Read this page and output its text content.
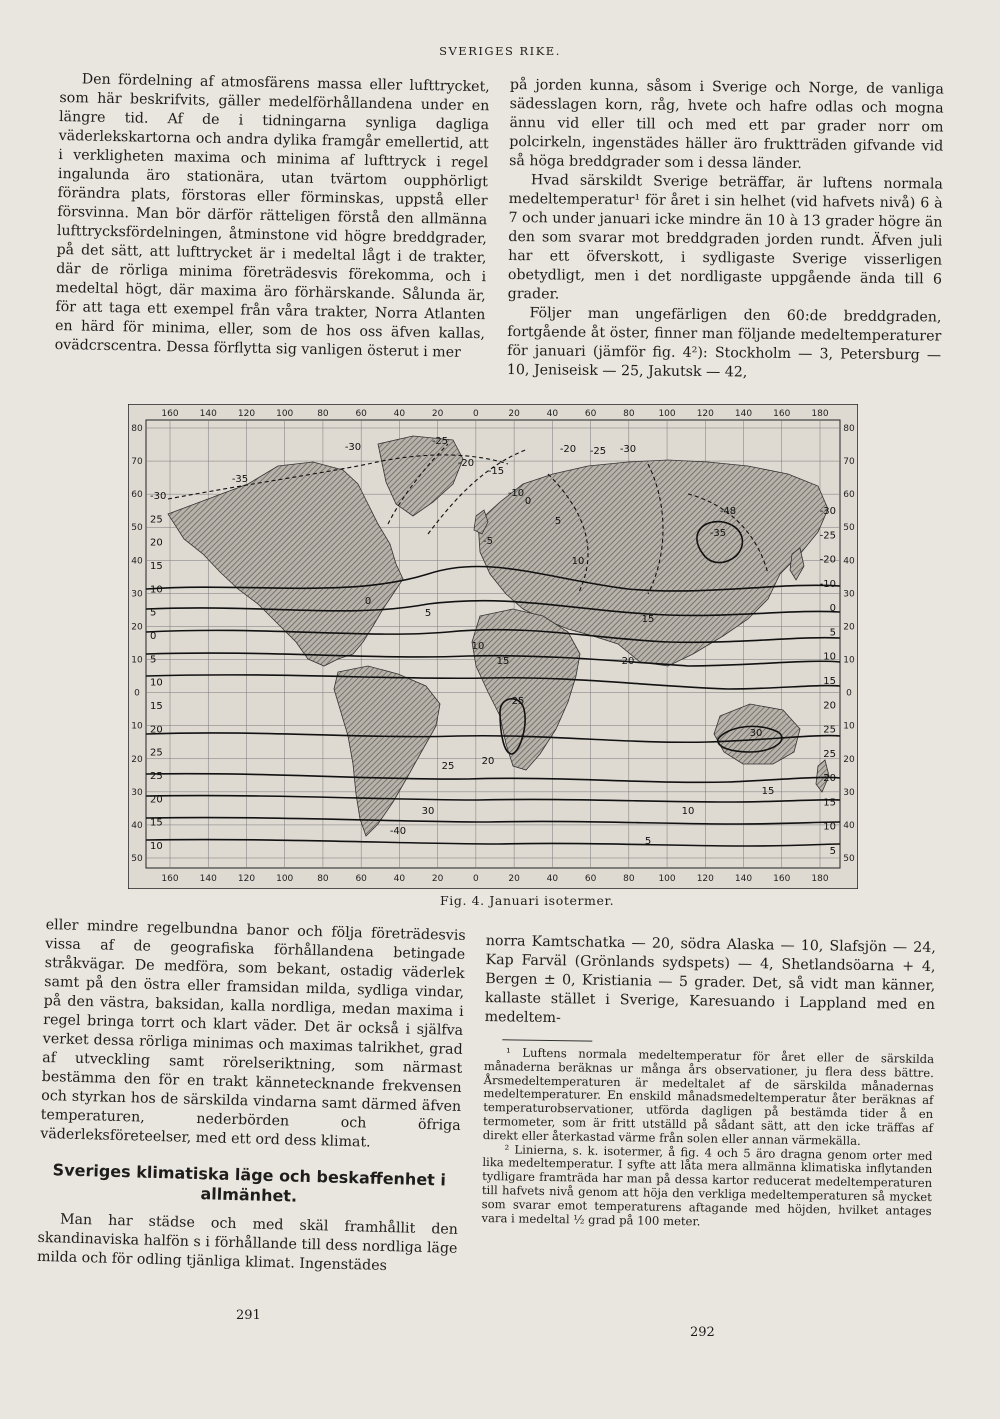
SVERIGES RIKE.

Den fördelning af atmosfärens massa eller lufttrycket, som här beskrifvits, gäller medelförhållandena under en längre tid. Af de i tidningarna synliga dagliga väderlekskartorna och andra dylika framgår emellertid, att i verkligheten maxima och minima af lufttryck i regel ingalunda äro stationära, utan tvärtom oupphörligt förändra plats, förstoras eller förminskas, uppstå eller försvinna. Man bör därför rätteligen förstå den allmänna lufttrycksfördelningen, åtminstone vid högre breddgrader, på det sätt, att lufttrycket är i medeltal lågt i de trakter, där de rörliga minima företrädesvis förekomma, och i medeltal högt, där maxima äro förhärskande. Sålunda är, för att taga ett exempel från våra trakter, Norra Atlanten en härd för minima, eller, som de hos oss äfven kallas, ovädcrscentra. Dessa förflytta sig vanligen österut i mer

på jorden kunna, såsom i Sverige och Norge, de vanliga sädesslagen korn, råg, hvete och hafre odlas och mogna ännu vid eller till och med ett par grader norr om polcirkeln, ingenstädes häller äro fruktträden gifvande vid så höga breddgrader som i dessa länder.

Hvad särskildt Sverige beträffar, är luftens normala medeltemperatur¹ för året i sin helhet (vid hafvets nivå) 6 à 7 och under januari icke mindre än 10 à 13 grader högre än den som svarar mot breddgraden jorden rundt. Äfven juli har ett öfverskott, i sydligaste Sverige visserligen obetydligt, men i det nordligaste uppgående ända till 6 grader.

Följer man ungefärligen den 60:de breddgraden, fortgående åt öster, finner man följande medeltemperaturer för januari (jämför fig. 4²): Stockholm — 3, Petersburg — 10, Jeniseisk — 25, Jakutsk — 42,

160 140 120 100	80	60	40	20	0	20	40	60	80	100 120 140 160 180
160 140 120 100	80	60	40	20	0	20	40	60	80	100 120 140 160 180
80
70
60
50
40
30
20
10
0
10
20
30
40
50
80
70
60
50
40
30
20
10
0
10
20
30
40
50
-30
25
20
15
10
5
0
5
10
15
20
25
25
20
15
10
-30
-25
-20
-10
0
5
10
15
20
25
25
20
15
10
5
-35
-30
-25
-20
-15
-10
-5
0
5
10
15
20
25
30
-40
-48
-35
-30
-25
-20
0
5
10
15
20
25
30
15
10
5
Fig. 4. Januari isotermer.

eller mindre regelbundna banor och följa företrädesvis vissa af de geografiska förhållandena betingade stråkvägar. De medföra, som bekant, ostadig väderlek samt på den östra eller framsidan milda, sydliga vindar, på den västra, baksidan, kalla nordliga, medan maxima i regel bringa torrt och klart väder. Det är också i själfva verket dessa rörliga minimas och maximas talrikhet, grad af utveckling samt rörelseriktning, som närmast bestämma den för en trakt kännetecknande frekvensen och styrkan hos de särskilda vindarna samt därmed äfven temperaturen, nederbörden och öfriga väderleksföreteelser, med ett ord dess klimat.

Sveriges klimatiska läge och beskaffenhet i allmänhet.

Man har städse och med skäl framhållit den skandinaviska halfön s i förhållande till dess nordliga läge milda och för odling tjänliga klimat. Ingenstädes

norra Kamtschatka — 20, södra Alaska — 10, Slafsjön — 24, Kap Farväl (Grönlands sydspets) — 4, Shetlandsöarna + 4, Bergen ± 0, Kristiania — 5 grader. Det, så vidt man känner, kallaste stället i Sverige, Karesuando i Lappland med en medeltem-

¹ Luftens normala medeltemperatur för året eller de särskilda månaderna beräknas ur många års observationer, ju flera dess bättre. Årsmedeltemperaturen är medeltalet af de särskilda månadernas medeltemperaturer. En enskild månadsmedeltemperatur åter beräknas af temperaturobservationer, utförda dagligen på bestämda tider å en termometer, som är fritt utställd på sådant sätt, att den icke träffas af direkt eller återkastad värme från solen eller annan värmekälla.

² Linierna, s. k. isotermer, å fig. 4 och 5 äro dragna genom orter med lika medeltemperatur. I syfte att låta mera allmänna klimatiska inflytanden tydligare framträda har man på dessa kartor reducerat medeltemperaturen till hafvets nivå genom att höja den verkliga medeltemperaturen så mycket som svarar emot temperaturens aftagande med höjden, hvilket antages vara i medeltal ½ grad på 100 meter.

291
292
